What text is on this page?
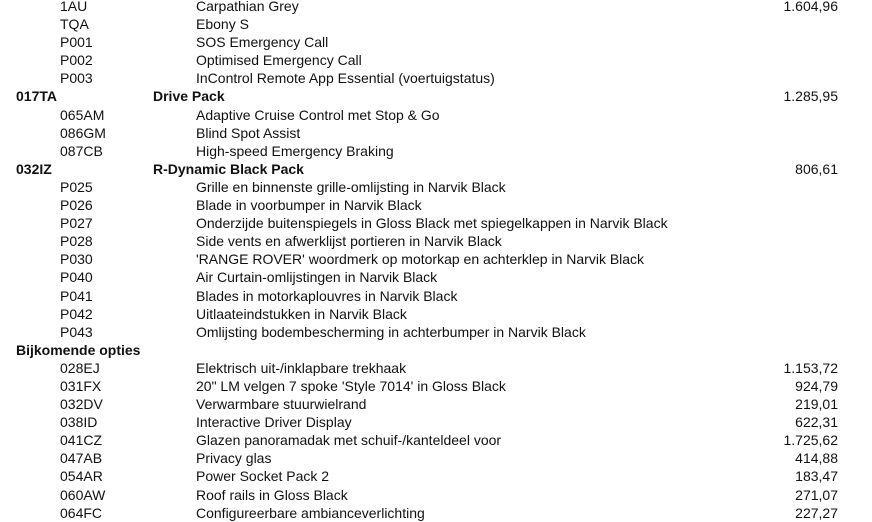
1AU	Carpathian Grey	1.604,96
TQA	Ebony S
P001	SOS Emergency Call
P002	Optimised Emergency Call
P003	InControl Remote App Essential (voertuigstatus)
017TA	Drive Pack	1.285,95
065AM	Adaptive Cruise Control met Stop & Go
086GM	Blind Spot Assist
087CB	High-speed Emergency Braking
032IZ	R-Dynamic Black Pack	806,61
P025	Grille en binnenste grille-omlijsting in Narvik Black
P026	Blade in voorbumper in Narvik Black
P027	Onderzijde buitenspiegels in Gloss Black met spiegelkappen in Narvik Black
P028	Side vents en afwerklijst portieren in Narvik Black
P030	'RANGE ROVER' woordmerk op motorkap en achterklep in Narvik Black
P040	Air Curtain-omlijstingen in Narvik Black
P041	Blades in motorkaplouvres in Narvik Black
P042	Uitlaateindstukken in Narvik Black
P043	Omlijsting bodembescherming in achterbumper in Narvik Black
Bijkomende opties
028EJ	Elektrisch uit-/inklapbare trekhaak	1.153,72
031FX	20" LM velgen 7 spoke 'Style 7014' in Gloss Black	924,79
032DV	Verwarmbare stuurwielrand	219,01
038ID	Interactive Driver Display	622,31
041CZ	Glazen panoramadak met schuif-/kanteldeel voor	1.725,62
047AB	Privacy glas	414,88
054AR	Power Socket Pack 2	183,47
060AW	Roof rails in Gloss Black	271,07
064FC	Configureerbare ambianceverlichting	227,27
